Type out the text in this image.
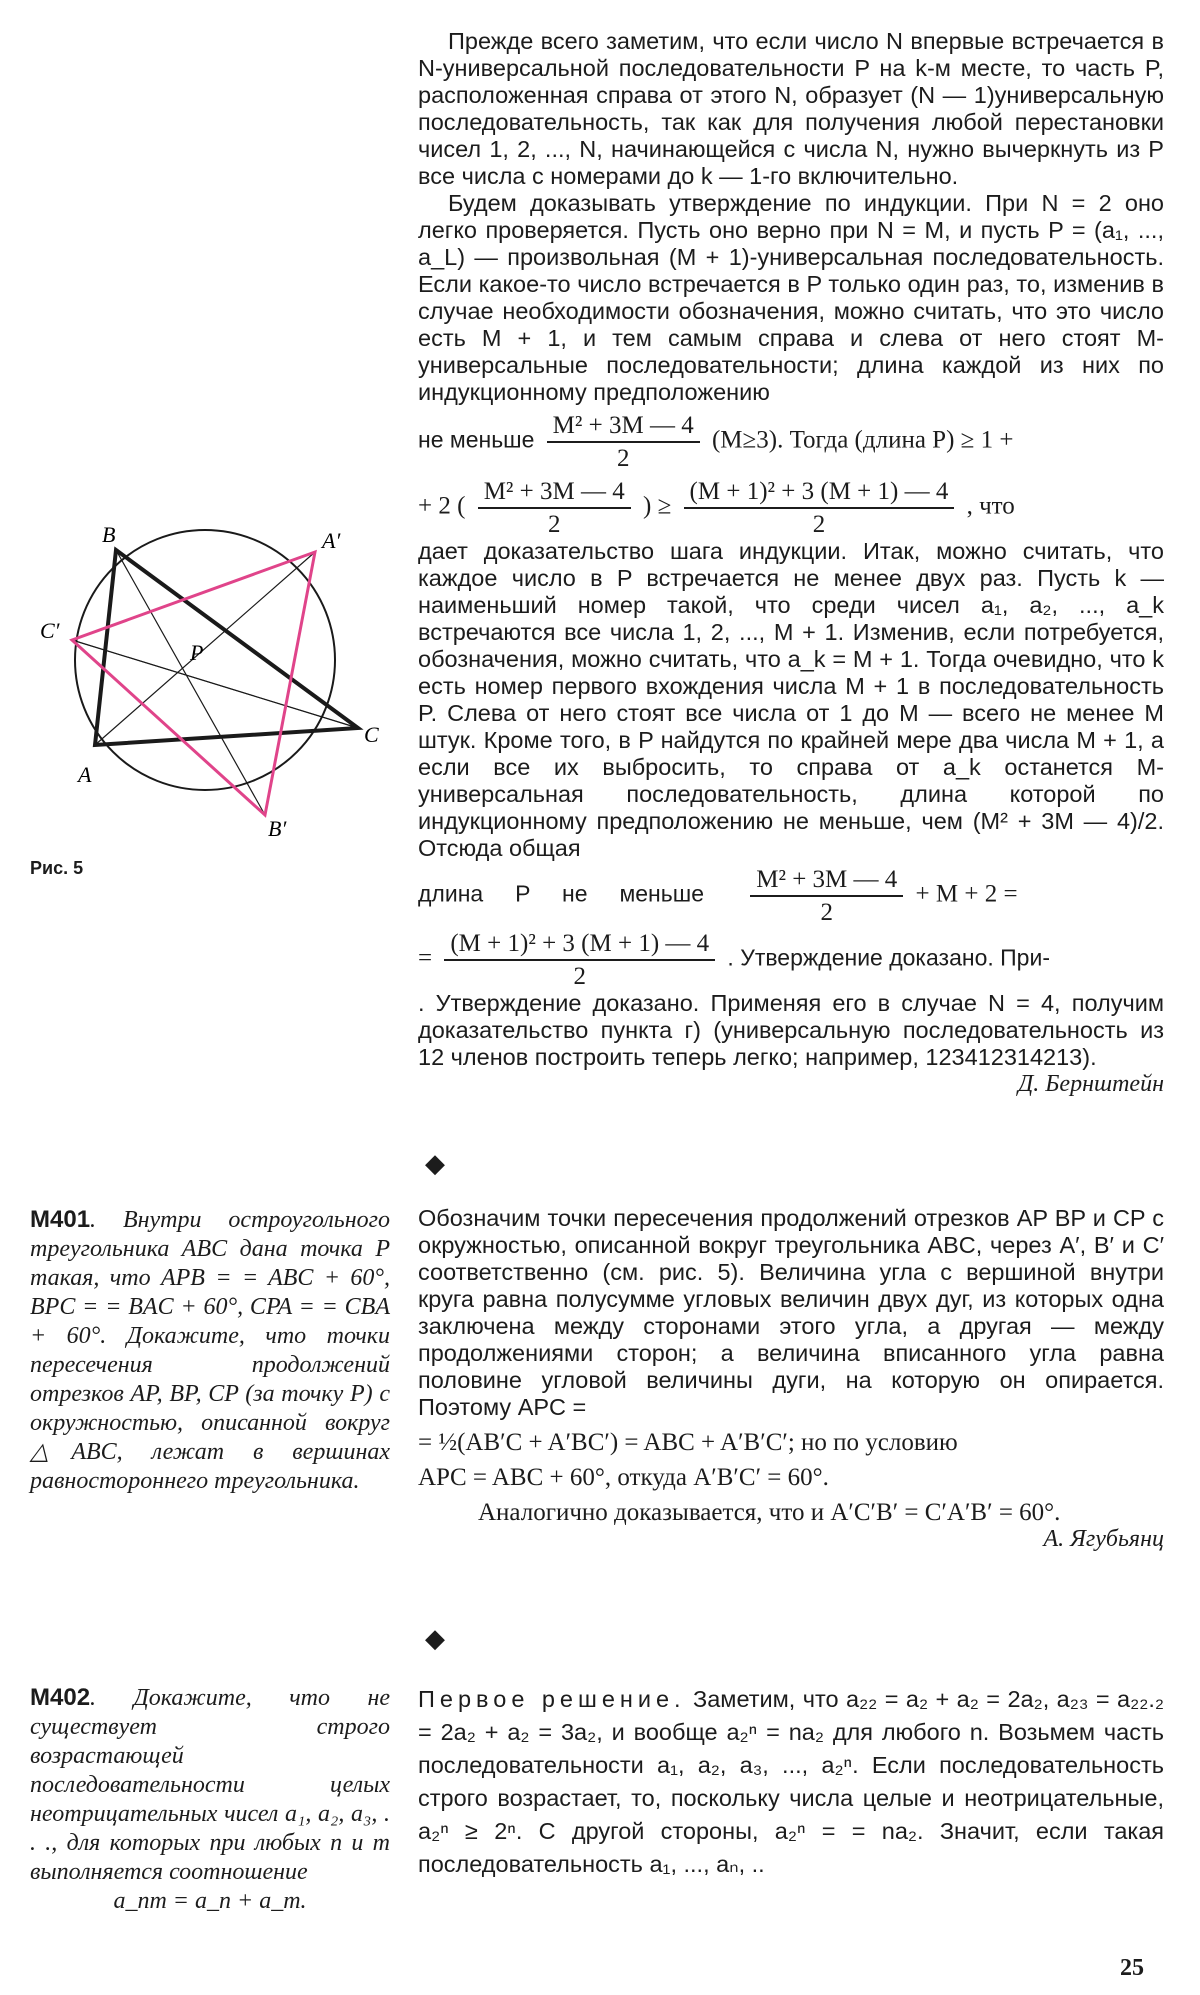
Прежде всего заметим, что если число N впервые встречается в N-универсальной последовательности P на k-м месте, то часть P, расположенная справа от этого N, образует (N — 1)универсальную последовательность, так как для получения любой перестановки чисел 1, 2, ..., N, начинающейся с числа N, нужно вычеркнуть из P все числа с номерами до k — 1-го включительно.

Будем доказывать утверждение по индукции. При N = 2 оно легко проверяется. Пусть оно верно при N = M, и пусть P = (a₁, ..., a_L) — произвольная (M + 1)-универсальная последовательность. Если какое-то число встречается в P только один раз, то, изменив в случае необходимости обозначения, можно считать, что это число есть M + 1, и тем самым справа и слева от него стоят M-универсальные последовательности; длина каждой из них по индукционному предположению

не меньше $\frac{\text{M² + 3M — 4}}{2} (M\ge 3)$. Тогда (длина P) ≥ 1 +
+ 2 ( $\frac{\text{M² + 3M — 4}}{2}$ ) ≥ $\frac{\text{(M + 1)² + 3 (M + 1) — 4}}{2}$ , что

дает доказательство шага индукции. Итак, можно считать, что каждое число в P встречается не менее двух раз. Пусть k — наименьший номер такой, что среди чисел a₁, a₂, ..., a_k встречаются все числа 1, 2, ..., M + 1. Изменив, если потребуется, обозначения, можно считать, что a_k = M + 1. Тогда очевидно, что k есть номер первого вхождения числа M + 1 в последовательность P. Слева от него стоят все числа от 1 до M — всего не менее M штук. Кроме того, в P найдутся по крайней мере два числа M + 1, а если все их выбросить, то справа от a_k останется M-универсальная последовательность, длина которой по индукционному предположению не меньше, чем (M² + 3M — 4)/2. Отсюда общая

длина     P     не     меньше $\frac{\text{M² + 3M — 4}}{2} + M + 2$ =
= $\frac{\text{(M + 1)² + 3 (M + 1) — 4}}{2}$ . Утверждение доказано. При-

. Утверждение доказано. Применяя его в случае N = 4, получим доказательство пункта г) (универсальную последовательность из 12 членов построить теперь легко; например, 123412314213).

Д. Бернштейн
B	A′
C′
P
C
A
B′
Рис. 5
◆
◆
М401. Внутри остроугольного треугольника ABC дана точка P такая, что APB = = ABC + 60°, BPC = = BAC + 60°, CPA = = CBA + 60°. Докажите, что точки пересечения продолжений отрезков AP, BP, CP (за точку P) с окружностью, описанной вокруг △ABC, лежат в вершинах равностороннего треугольника.

Обозначим точки пересечения продолжений отрезков AP BP и CP с окружностью, описанной вокруг треугольника ABC, через A′, B′ и C′ соответственно (см. рис. 5). Величина угла с вершиной внутри круга равна полусумме угловых величин двух дуг, из которых одна заключена между сторонами этого угла, а другая — между продолжениями сторон; а величина вписанного угла равна половине угловой величины дуги, на которую он опирается. Поэтому APC =

= ½(AB′C + A′BC′) = ABC + A′B′C′; но по условию
APC = ABC + 60°, откуда A′B′C′ = 60°.
Аналогично доказывается, что и A′C′B′ = C′A′B′ = 60°.
А. Ягубьянц
М402. Докажите, что не существует строго возрастающей последовательности целых неотрицательных чисел a₁, a₂, a₃, . . ., для которых при любых n и m выполняется соотношение
a_nm = a_n + a_m.

Первое решение. Заметим, что a₂₂ = a₂ + a₂ = 2a₂, a₂₃ = a₂₂.₂ = 2a₂ + a₂ = 3a₂, и вообще a₂ⁿ = na₂ для любого n. Возьмем часть последовательности a₁, a₂, a₃, ..., a₂ⁿ. Если последовательность строго возрастает, то, поскольку числа целые и неотрицательные, a₂ⁿ ≥ 2ⁿ. С другой стороны, a₂ⁿ = = na₂. Значит, если такая последовательность a₁, ..., aₙ, ..

25
